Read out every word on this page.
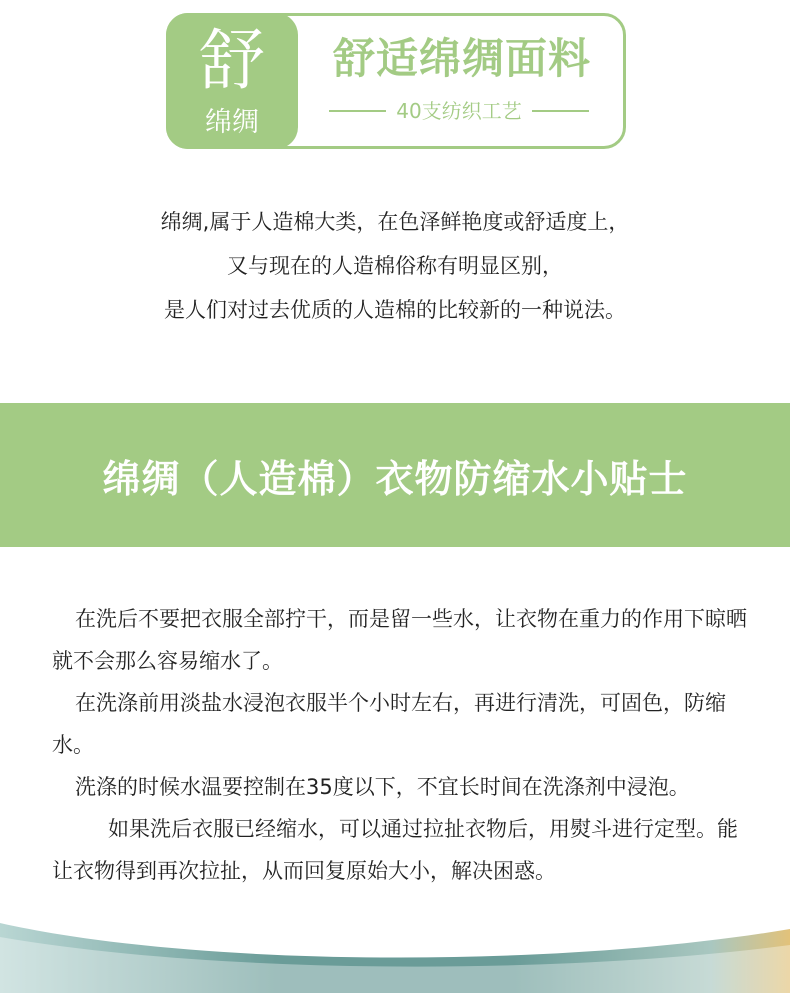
舒
绵绸
舒适绵绸面料
40支纺织工艺

绵绸,属于人造棉大类，在色泽鲜艳度或舒适度上，

又与现在的人造棉俗称有明显区别，

是人们对过去优质的人造棉的比较新的一种说法。

绵绸（人造棉）衣物防缩水小贴士

在洗后不要把衣服全部拧干，而是留一些水，让衣物在重力的作用下晾晒就不会那么容易缩水了。

在洗涤前用淡盐水浸泡衣服半个小时左右，再进行清洗，可固色，防缩水。

洗涤的时候水温要控制在35度以下，不宜长时间在洗涤剂中浸泡。

如果洗后衣服已经缩水，可以通过拉扯衣物后，用熨斗进行定型。能让衣物得到再次拉扯，从而回复原始大小，解决困惑。
